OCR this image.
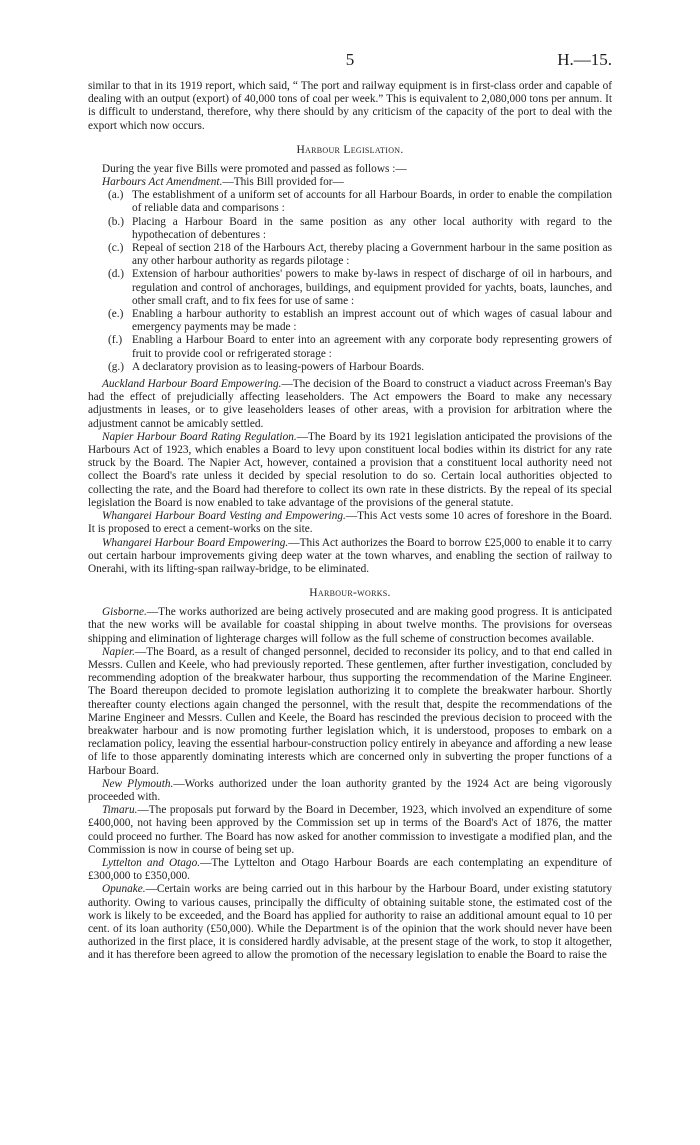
5	H.—15.

similar to that in its 1919 report, which said, “ The port and railway equipment is in first-class order and capable of dealing with an output (export) of 40,000 tons of coal per week.” This is equivalent to 2,080,000 tons per annum. It is difficult to understand, therefore, why there should by any criticism of the capacity of the port to deal with the export which now occurs.

Harbour Legislation.

During the year five Bills were promoted and passed as follows :—

Harbours Act Amendment.—This Bill provided for—

(a.) The establishment of a uniform set of accounts for all Harbour Boards, in order to enable the compilation of reliable data and comparisons :
(b.) Placing a Harbour Board in the same position as any other local authority with regard to the hypothecation of debentures :
(c.) Repeal of section 218 of the Harbours Act, thereby placing a Government harbour in the same position as any other harbour authority as regards pilotage :
(d.) Extension of harbour authorities' powers to make by-laws in respect of discharge of oil in harbours, and regulation and control of anchorages, buildings, and equipment provided for yachts, boats, launches, and other small craft, and to fix fees for use of same :
(e.) Enabling a harbour authority to establish an imprest account out of which wages of casual labour and emergency payments may be made :
(f.) Enabling a Harbour Board to enter into an agreement with any corporate body representing growers of fruit to provide cool or refrigerated storage :
(g.) A declaratory provision as to leasing-powers of Harbour Boards.

Auckland Harbour Board Empowering.—The decision of the Board to construct a viaduct across Freeman's Bay had the effect of prejudicially affecting leaseholders. The Act empowers the Board to make any necessary adjustments in leases, or to give leaseholders leases of other areas, with a provision for arbitration where the adjustment cannot be amicably settled.

Napier Harbour Board Rating Regulation.—The Board by its 1921 legislation anticipated the provisions of the Harbours Act of 1923, which enables a Board to levy upon constituent local bodies within its district for any rate struck by the Board. The Napier Act, however, contained a provision that a constituent local authority need not collect the Board's rate unless it decided by special resolution to do so. Certain local authorities objected to collecting the rate, and the Board had therefore to collect its own rate in these districts. By the repeal of its special legislation the Board is now enabled to take advantage of the provisions of the general statute.

Whangarei Harbour Board Vesting and Empowering.—This Act vests some 10 acres of foreshore in the Board. It is proposed to erect a cement-works on the site.

Whangarei Harbour Board Empowering.—This Act authorizes the Board to borrow £25,000 to enable it to carry out certain harbour improvements giving deep water at the town wharves, and enabling the section of railway to Onerahi, with its lifting-span railway-bridge, to be eliminated.

Harbour-works.

Gisborne.—The works authorized are being actively prosecuted and are making good progress. It is anticipated that the new works will be available for coastal shipping in about twelve months. The provisions for overseas shipping and elimination of lighterage charges will follow as the full scheme of construction becomes available.

Napier.—The Board, as a result of changed personnel, decided to reconsider its policy, and to that end called in Messrs. Cullen and Keele, who had previously reported. These gentlemen, after further investigation, concluded by recommending adoption of the breakwater harbour, thus supporting the recommendation of the Marine Engineer. The Board thereupon decided to promote legislation authorizing it to complete the breakwater harbour. Shortly thereafter county elections again changed the personnel, with the result that, despite the recommendations of the Marine Engineer and Messrs. Cullen and Keele, the Board has rescinded the previous decision to proceed with the breakwater harbour and is now promoting further legislation which, it is understood, proposes to embark on a reclamation policy, leaving the essential harbour-construction policy entirely in abeyance and affording a new lease of life to those apparently dominating interests which are concerned only in subverting the proper functions of a Harbour Board.

New Plymouth.—Works authorized under the loan authority granted by the 1924 Act are being vigorously proceeded with.

Timaru.—The proposals put forward by the Board in December, 1923, which involved an expenditure of some £400,000, not having been approved by the Commission set up in terms of the Board's Act of 1876, the matter could proceed no further. The Board has now asked for another commission to investigate a modified plan, and the Commission is now in course of being set up.

Lyttelton and Otago.—The Lyttelton and Otago Harbour Boards are each contemplating an expenditure of £300,000 to £350,000.

Opunake.—Certain works are being carried out in this harbour by the Harbour Board, under existing statutory authority. Owing to various causes, principally the difficulty of obtaining suitable stone, the estimated cost of the work is likely to be exceeded, and the Board has applied for authority to raise an additional amount equal to 10 per cent. of its loan authority (£50,000). While the Department is of the opinion that the work should never have been authorized in the first place, it is considered hardly advisable, at the present stage of the work, to stop it altogether, and it has therefore been agreed to allow the promotion of the necessary legislation to enable the Board to raise the
